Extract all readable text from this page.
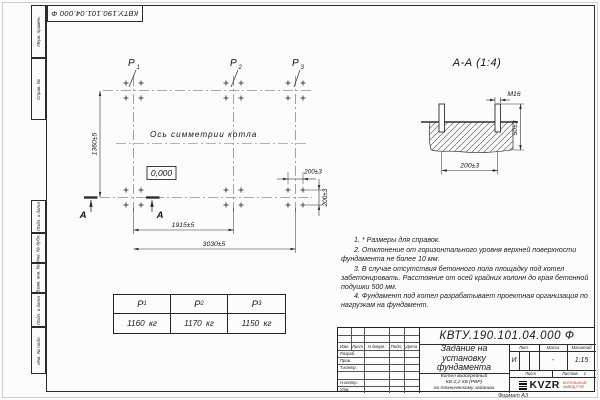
Перв. примен.
Справ. №
Подп. и дата
Инв. № дубл.
Взам. инв. №
Подп. и дата
Инв. № подл.
КВТУ.190.101.04.000 Ф
P 1	P 2	P 3
Ось симметрии котла
0,000
1360±5
1915±5
3030±5
200±3
200±3
А	А
А-А (1:4)
М16
50±3
200±3

1. * Размеры для справок.

2. Отклонение от горизонтального уровня верхней поверхности фундамента не более 10 мм.

3. В случае отсутствия бетонного пола площадку под котел забетонировать. Расстояние от осей крайних колонн до края бетонной подушки 500 мм.

4. Фундамент под котел разрабатывает проектная организация по нагрузкам на фундамент.

P 1	P 2	P 3
1160 кг	1170 кг	1150 кг
КВТУ.190.101.04.000 Ф
Задание на
установку
фундамента
Котел водогрейный
КВ-2,2 КБ (РВР)
по техническому заданию
Изм. Лист	N докум.	Подп. Дата
Разраб.
Пров.
Т.контр.
Н.контр.
Утв.
Лит.	Масса	Масштаб
И	-	1:15
Лист	Листов 1
KVZR КОТЕЛЬНЫЙ
ЗАВОД РЭП
Формат А3
